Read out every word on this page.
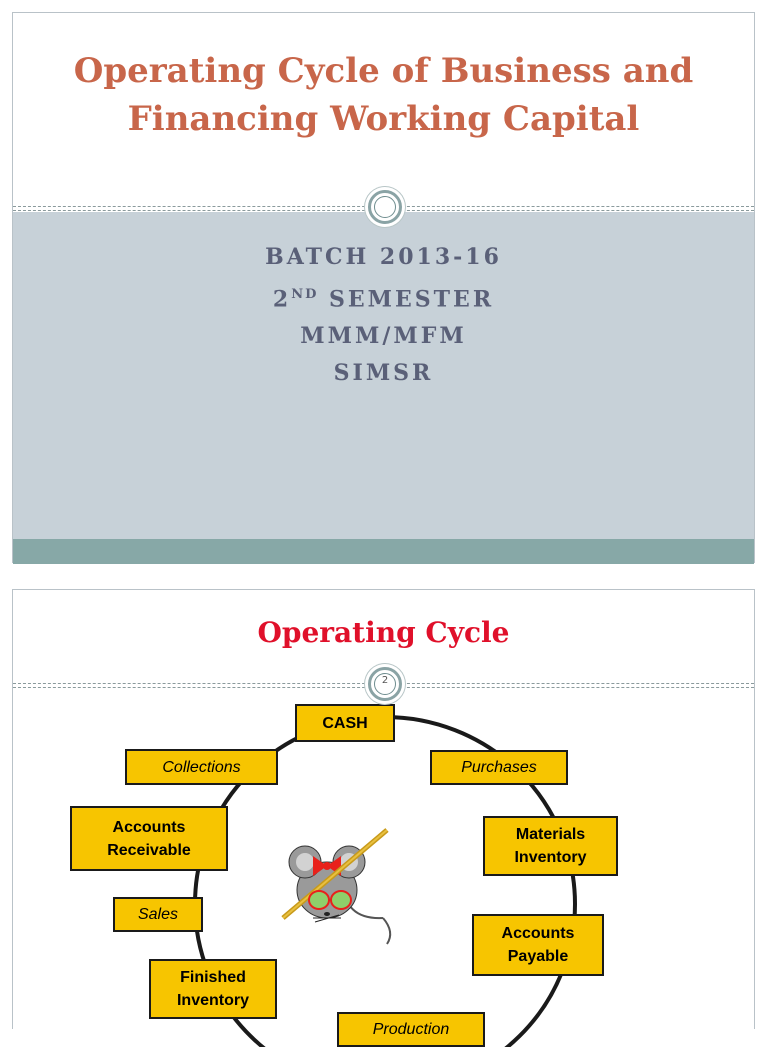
Operating Cycle of Business and Financing Working Capital
BATCH 2013-16
2ND SEMESTER
MMM/MFM
SIMSR
Operating Cycle
CASH
Purchases
Materials Inventory
Accounts Payable
Production
Finished Inventory
Sales
Accounts Receivable
Collections
2
